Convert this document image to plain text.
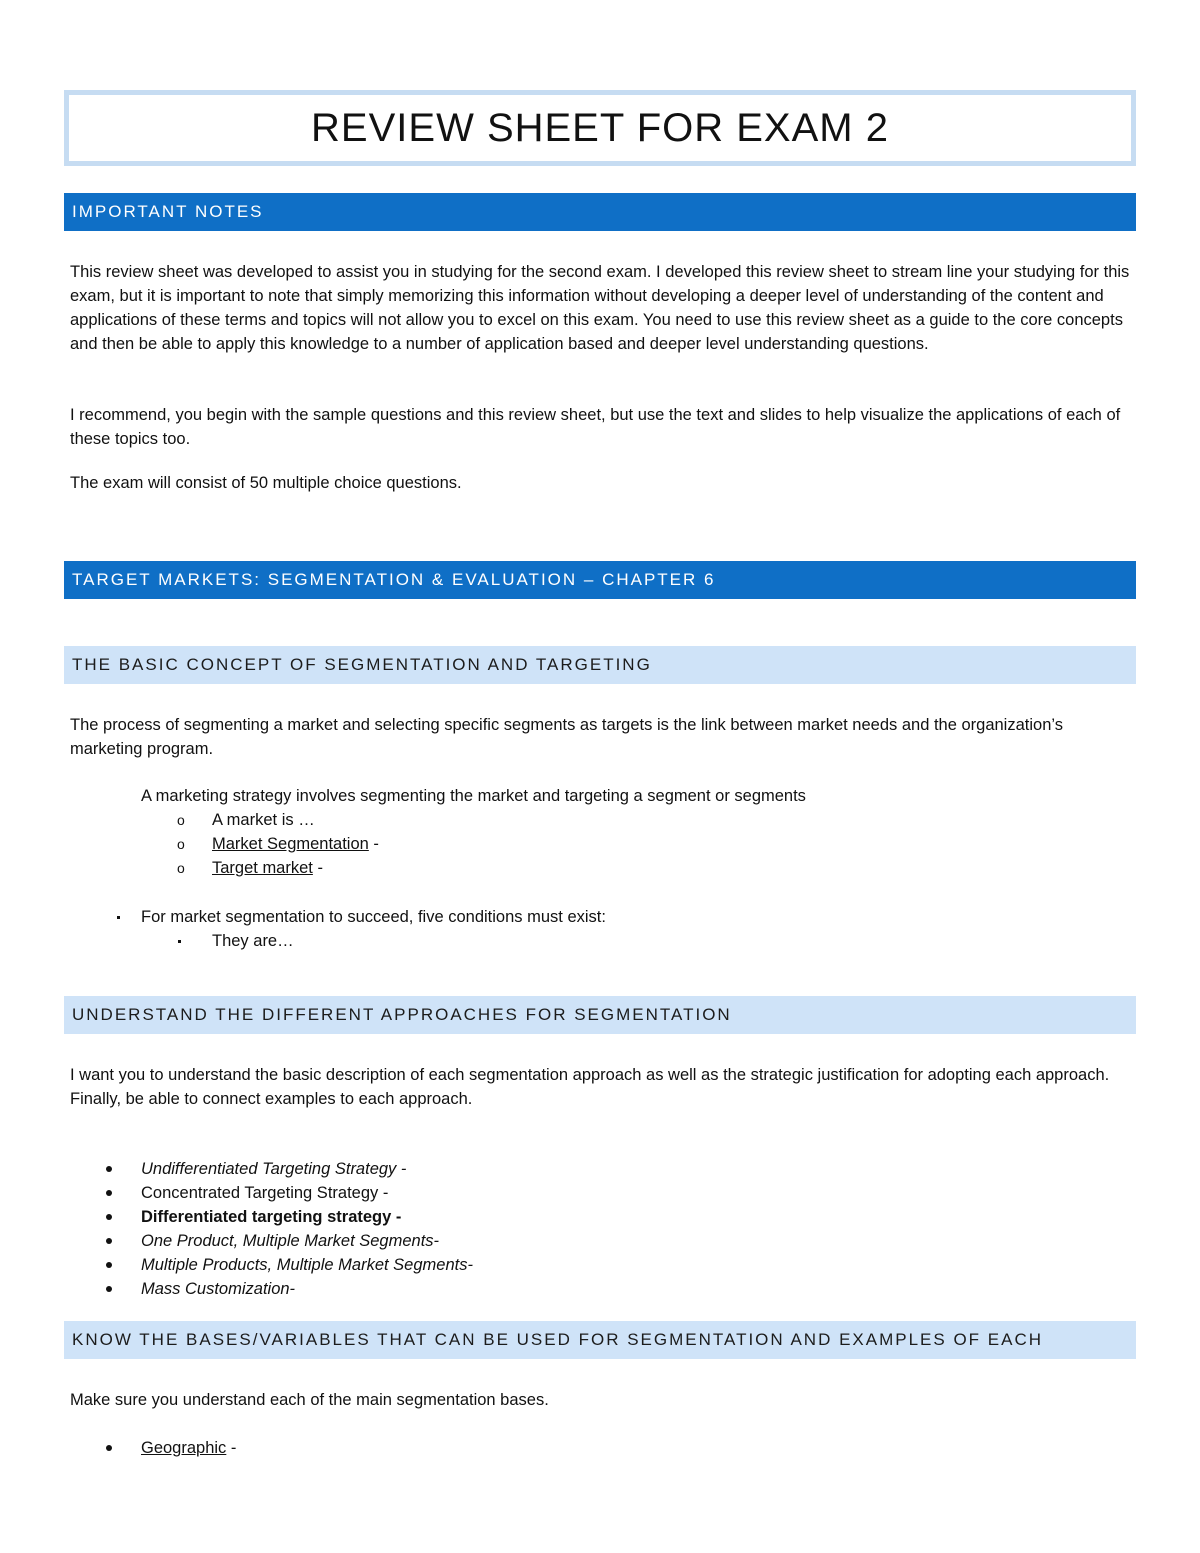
REVIEW SHEET FOR EXAM 2
IMPORTANT NOTES

This review sheet was developed to assist you in studying for the second exam. I developed this review sheet to stream line your studying for this exam, but it is important to note that simply memorizing this information without developing a deeper level of understanding of the content and applications of these terms and topics will not allow you to excel on this exam. You need to use this review sheet as a guide to the core concepts and then be able to apply this knowledge to a number of application based and deeper level understanding questions.

I recommend, you begin with the sample questions and this review sheet, but use the text and slides to help visualize the applications of each of these topics too.

The exam will consist of 50 multiple choice questions.

TARGET MARKETS: SEGMENTATION & EVALUATION – CHAPTER 6
THE BASIC CONCEPT OF SEGMENTATION AND TARGETING

The process of segmenting a market and selecting specific segments as targets is the link between market needs and the organization’s marketing program.

A marketing strategy involves segmenting the market and targeting a segment or segments
o A market is …
o Market Segmentation -
o Target market -
For market segmentation to succeed, five conditions must exist:
They are…
UNDERSTAND THE DIFFERENT APPROACHES FOR SEGMENTATION

I want you to understand the basic description of each segmentation approach as well as the strategic justification for adopting each approach. Finally, be able to connect examples to each approach.

Undifferentiated Targeting Strategy -
Concentrated Targeting Strategy -
Differentiated targeting strategy -
One Product, Multiple Market Segments-
Multiple Products, Multiple Market Segments-
Mass Customization-
KNOW THE BASES/VARIABLES THAT CAN BE USED FOR SEGMENTATION AND EXAMPLES OF EACH

Make sure you understand each of the main segmentation bases.

Geographic -
